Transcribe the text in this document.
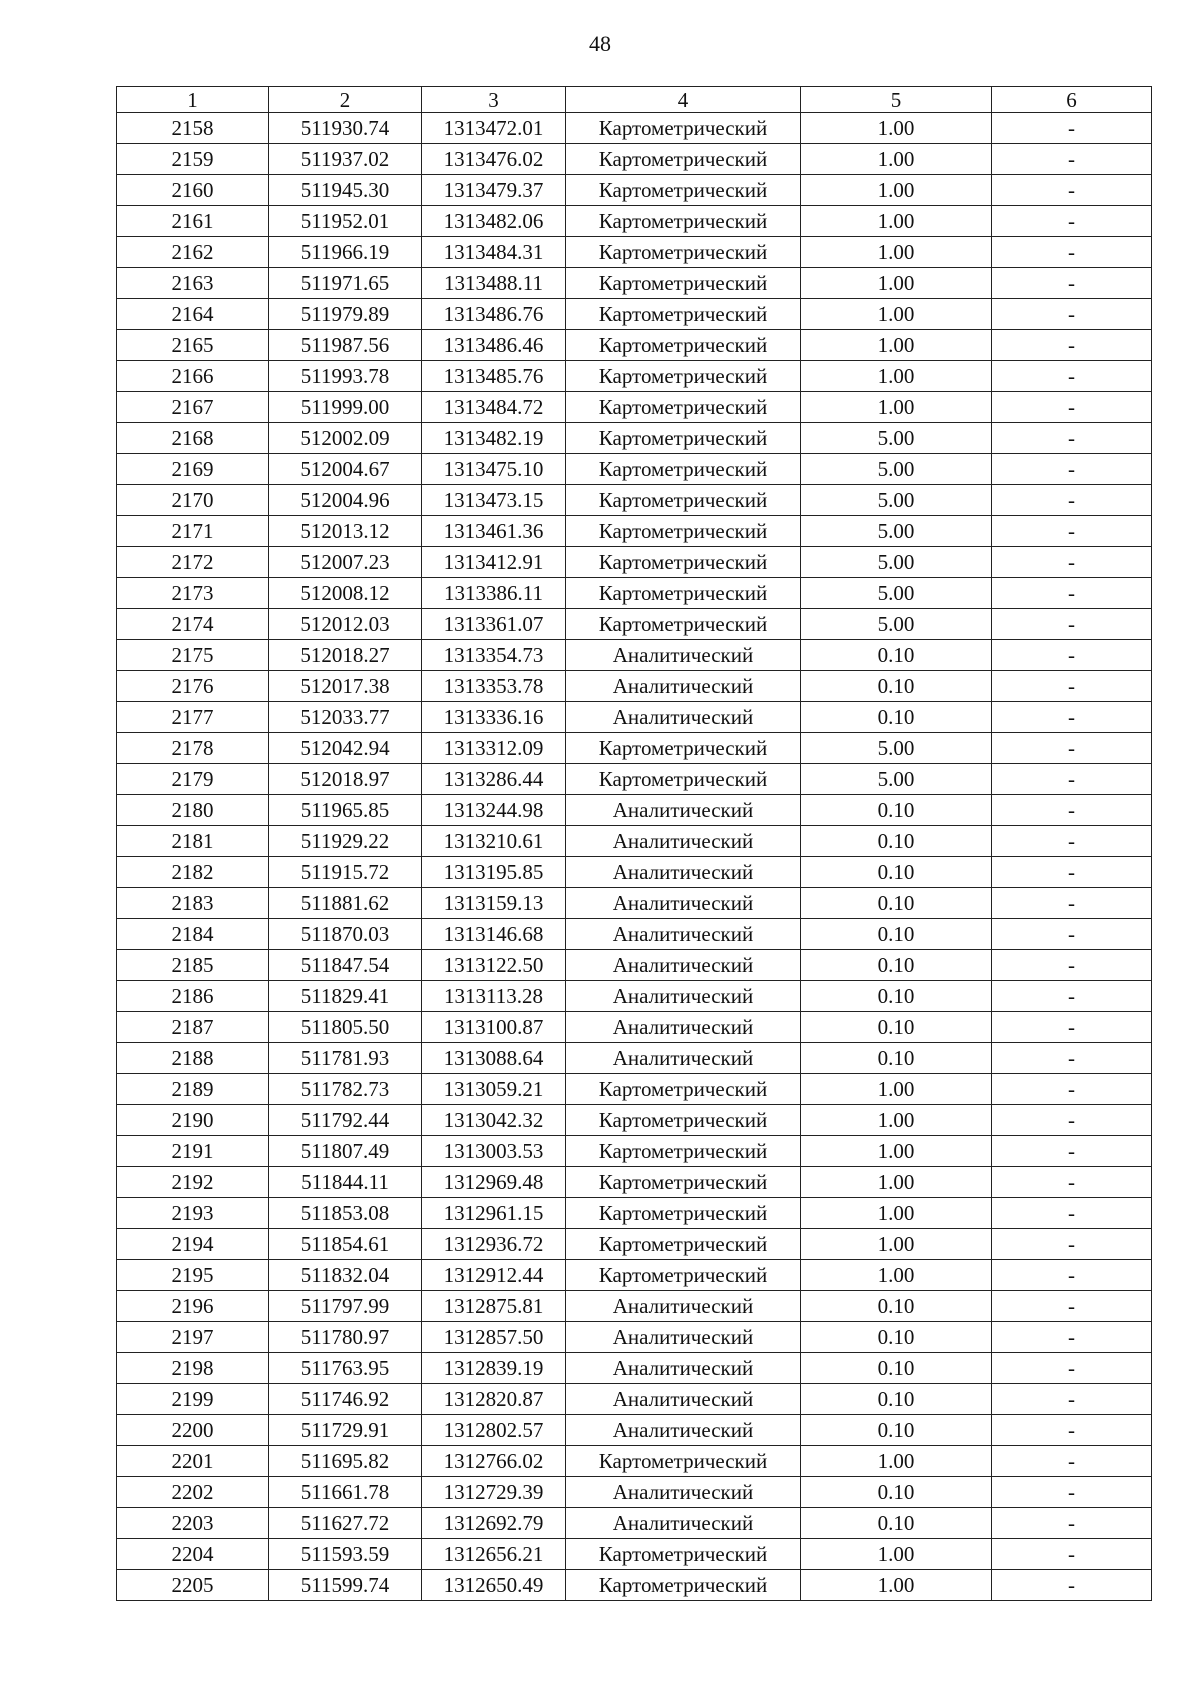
48
1	2	3	4	5	6
2158	511930.74	1313472.01	Картометрический	1.00	-
2159	511937.02	1313476.02	Картометрический	1.00	-
2160	511945.30	1313479.37	Картометрический	1.00	-
2161	511952.01	1313482.06	Картометрический	1.00	-
2162	511966.19	1313484.31	Картометрический	1.00	-
2163	511971.65	1313488.11	Картометрический	1.00	-
2164	511979.89	1313486.76	Картометрический	1.00	-
2165	511987.56	1313486.46	Картометрический	1.00	-
2166	511993.78	1313485.76	Картометрический	1.00	-
2167	511999.00	1313484.72	Картометрический	1.00	-
2168	512002.09	1313482.19	Картометрический	5.00	-
2169	512004.67	1313475.10	Картометрический	5.00	-
2170	512004.96	1313473.15	Картометрический	5.00	-
2171	512013.12	1313461.36	Картометрический	5.00	-
2172	512007.23	1313412.91	Картометрический	5.00	-
2173	512008.12	1313386.11	Картометрический	5.00	-
2174	512012.03	1313361.07	Картометрический	5.00	-
2175	512018.27	1313354.73	Аналитический	0.10	-
2176	512017.38	1313353.78	Аналитический	0.10	-
2177	512033.77	1313336.16	Аналитический	0.10	-
2178	512042.94	1313312.09	Картометрический	5.00	-
2179	512018.97	1313286.44	Картометрический	5.00	-
2180	511965.85	1313244.98	Аналитический	0.10	-
2181	511929.22	1313210.61	Аналитический	0.10	-
2182	511915.72	1313195.85	Аналитический	0.10	-
2183	511881.62	1313159.13	Аналитический	0.10	-
2184	511870.03	1313146.68	Аналитический	0.10	-
2185	511847.54	1313122.50	Аналитический	0.10	-
2186	511829.41	1313113.28	Аналитический	0.10	-
2187	511805.50	1313100.87	Аналитический	0.10	-
2188	511781.93	1313088.64	Аналитический	0.10	-
2189	511782.73	1313059.21	Картометрический	1.00	-
2190	511792.44	1313042.32	Картометрический	1.00	-
2191	511807.49	1313003.53	Картометрический	1.00	-
2192	511844.11	1312969.48	Картометрический	1.00	-
2193	511853.08	1312961.15	Картометрический	1.00	-
2194	511854.61	1312936.72	Картометрический	1.00	-
2195	511832.04	1312912.44	Картометрический	1.00	-
2196	511797.99	1312875.81	Аналитический	0.10	-
2197	511780.97	1312857.50	Аналитический	0.10	-
2198	511763.95	1312839.19	Аналитический	0.10	-
2199	511746.92	1312820.87	Аналитический	0.10	-
2200	511729.91	1312802.57	Аналитический	0.10	-
2201	511695.82	1312766.02	Картометрический	1.00	-
2202	511661.78	1312729.39	Аналитический	0.10	-
2203	511627.72	1312692.79	Аналитический	0.10	-
2204	511593.59	1312656.21	Картометрический	1.00	-
2205	511599.74	1312650.49	Картометрический	1.00	-
